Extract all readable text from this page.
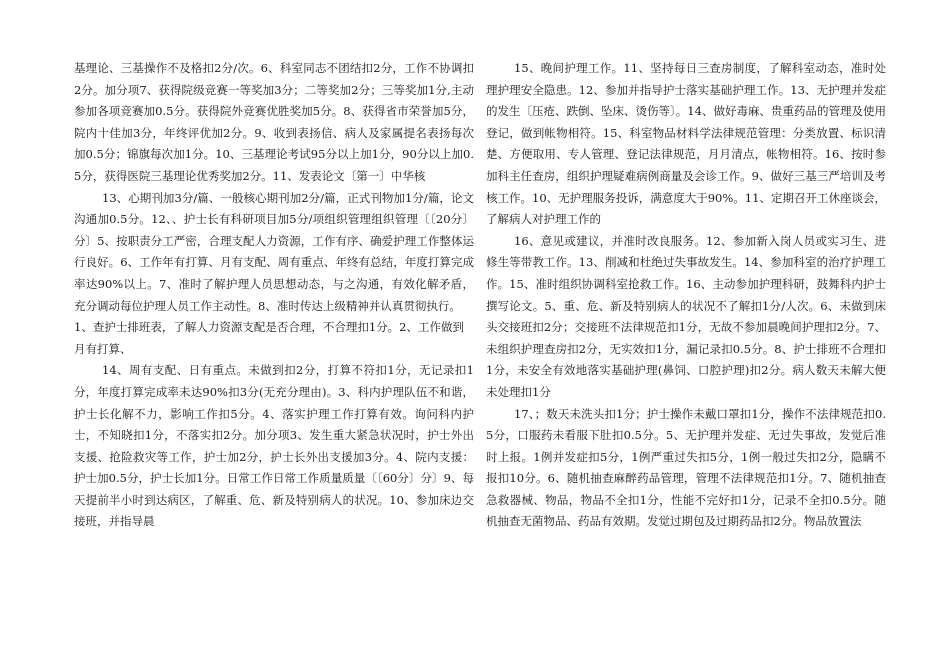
基理论、三基操作不及格扣2分/次。6、科室同志不团结扣2分，工作不协调扣2分。加分项7、获得院级竞赛一等奖加3分；二等奖加2分；三等奖加1分,主动参加各项竞赛加0.5分。获得院外竞赛优胜奖加5分。8、获得省市荣誉加5分，院内十佳加3分，年终评优加2分。9、收到表扬信、病人及家属提名表扬每次加0.5分；锦旗每次加1分。10、三基理论考试95分以上加1分，90分以上加0.5分，获得医院三基理论优秀奖加2分。11、发表论文〔第一〕中华核

13、心期刊加3分/篇、一般核心期刊加2分/篇，正式刊物加1分/篇，论文沟通加0.5分。12、、护士长有科研项目加5分/项组织管理组织管理〔〔20分〕分〕5、按职责分工严密，合理支配人力资源，工作有序、确爱护理工作整体运行良好。6、工作年有打算、月有支配、周有重点、年终有总结，年度打算完成率达90%以上。7、准时了解护理人员思想动态，与之沟通，有效化解矛盾，充分调动每位护理人员工作主动性。8、准时传达上级精神并认真贯彻执行。

1、查护士排班表，了解人力资源支配是否合理，不合理扣1分。2、工作做到

月有打算、

14、周有支配、日有重点。未做到扣2分，打算不符扣1分，无记录扣1分，年度打算完成率未达90%扣3分(无充分理由)。3、科内护理队伍不和谐，护士长化解不力，影响工作扣5分。4、落实护理工作打算有效。询问科内护士，不知晓扣1分，不落实扣2分。加分项3、发生重大紧急状况时，护士外出支援、抢险救灾等工作，护士加2分，护士长外出支援加3分。4、院内支援：护士加0.5分，护士长加1分。日常工作日常工作质量质量〔〔60分〕分〕9、每天提前半小时到达病区，了解重、危、新及特别病人的状况。10、参加床边交接班，并指导晨

15、晚间护理工作。11、坚持每日三查房制度，了解科室动态，准时处理护理安全隐患。12、参加并指导护士落实基础护理工作。13、无护理并发症的发生〔压疮、跌倒、坠床、烫伤等〕。14、做好毒麻、贵重药品的管理及使用登记，做到帐物相符。15、科室物品材料学法律规范管理：分类放置、标识清楚、方便取用、专人管理、登记法律规范，月月清点，帐物相符。16、按时参加科主任查房，组织护理疑难病例商量及会诊工作。9、做好三基三严培训及考核工作。10、无护理服务投诉，满意度大于90%。11、定期召开工休座谈会，了解病人对护理工作的

16、意见或建议，并准时改良服务。12、参加新入岗人员或实习生、进修生等带教工作。13、削减和杜绝过失事故发生。14、参加科室的治疗护理工作。15、准时组织协调科室抢救工作。16、主动参加护理科研，鼓舞科内护士撰写论文。5、重、危、新及特别病人的状况不了解扣1分/人次。6、未做到床头交接班扣2分；交接班不法律规范扣1分，无故不参加晨晚间护理扣2分。7、未组织护理查房扣2分，无实效扣1分，漏记录扣0.5分。8、护士排班不合理扣1分，未安全有效地落实基础护理(鼻饲、口腔护理)扣2分。病人数天未解大便未处理扣1分

17、；数天未洗头扣1分；护士操作未戴口罩扣1分，操作不法律规范扣0.5分，口服药未看服下肚扣0.5分。5、无护理并发症、无过失事故，发觉后准时上报。1例并发症扣5分，1例严重过失扣5分，1例一般过失扣2分，隐瞒不报扣10分。6、随机抽查麻醉药品管理，管理不法律规范扣1分。7、随机抽查急救器械、物品，物品不全扣1分，性能不完好扣1分，记录不全扣0.5分。随机抽查无菌物品、药品有效期。发觉过期包及过期药品扣2分。物品放置法
